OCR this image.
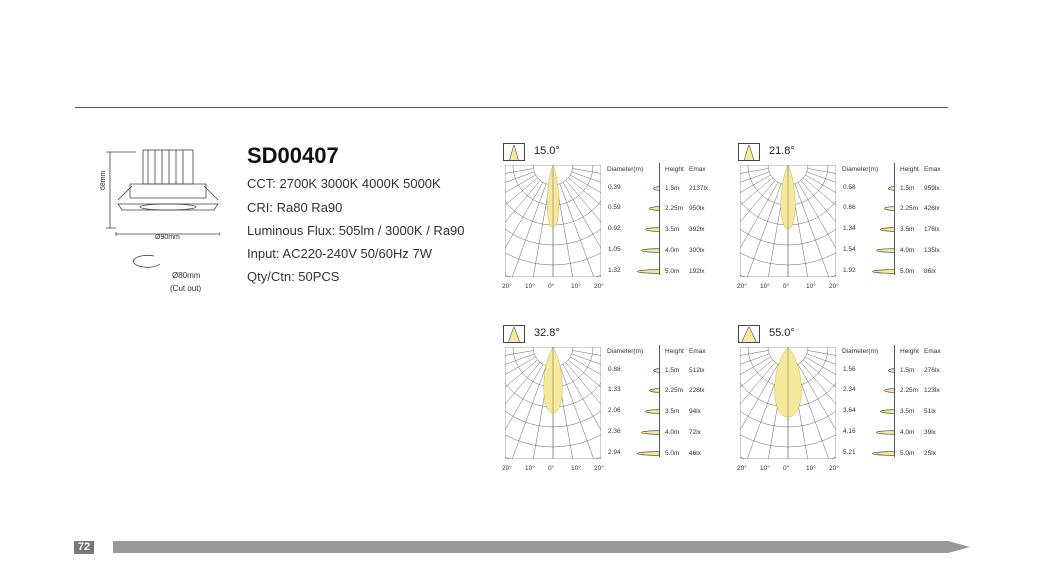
68mm
Ø90mm
Ø80mm
(Cut out)
SD00407
CCT: 2700K 3000K 4000K 5000K
CRI: Ra80 Ra90
Luminous Flux: 505lm / 3000K / Ra90
Input: AC220-240V 50/60Hz 7W
Qty/Ctn: 50PCS
15.0°
20° 10° 0°	10° 20°
Diameter(m)	Height Emax
0.39	1.5m 2137lx
0.59	2.25m 950lx
0.92	3.5m 392lx
1.05	4.0m 300lx
1.32	5.0m 192lx
21.8°
20° 10° 0°	10° 20°
Diameter(m)	Height Emax
0.58	1.5m 959lx
0.86	2.25m 426lx
1.34	3.5m 176lx
1.54	4.0m 135lx
1.92	5.0m 86lx
32.8°
20° 10° 0°	10° 20°
Diameter(m)	Height Emax
0.88	1.5m 512lx
1.33	2.25m 228lx
2.06	3.5m 94lx
2.36	4.0m 72lx
2.94	5.0m 46lx
55.0°
20° 10° 0°	10° 20°
Diameter(m)	Height Emax
1.56	1.5m 276lx
2.34	2.25m 123lx
3.64	3.5m 51lx
4.16	4.0m 39lx
5.21	5.0m 25lx
72
